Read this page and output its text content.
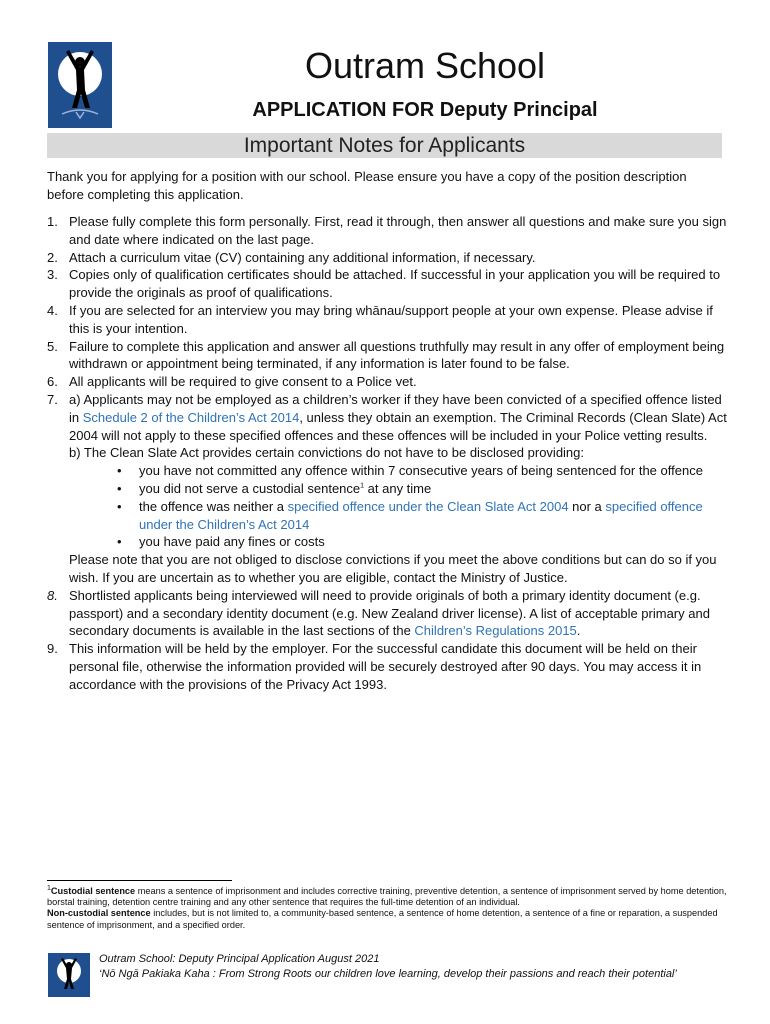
Outram School
APPLICATION FOR Deputy Principal
Important Notes for Applicants
Thank you for applying for a position with our school. Please ensure you have a copy of the position description before completing this application.
1. Please fully complete this form personally. First, read it through, then answer all questions and make sure you sign and date where indicated on the last page.
2. Attach a curriculum vitae (CV) containing any additional information, if necessary.
3. Copies only of qualification certificates should be attached. If successful in your application you will be required to provide the originals as proof of qualifications.
4. If you are selected for an interview you may bring whānau/support people at your own expense. Please advise if this is your intention.
5. Failure to complete this application and answer all questions truthfully may result in any offer of employment being withdrawn or appointment being terminated, if any information is later found to be false.
6. All applicants will be required to give consent to a Police vet.
7. a) Applicants may not be employed as a children’s worker if they have been convicted of a specified offence listed in Schedule 2 of the Children’s Act 2014, unless they obtain an exemption. The Criminal Records (Clean Slate) Act 2004 will not apply to these specified offences and these offences will be included in your Police vetting results.
b) The Clean Slate Act provides certain convictions do not have to be disclosed providing:
• you have not committed any offence within 7 consecutive years of being sentenced for the offence
• you did not serve a custodial sentence$^1$ at any time
• the offence was neither a specified offence under the Clean Slate Act 2004 nor a specified offence under the Children’s Act 2014
• you have paid any fines or costs
Please note that you are not obliged to disclose convictions if you meet the above conditions but can do so if you wish. If you are uncertain as to whether you are eligible, contact the Ministry of Justice.
8. Shortlisted applicants being interviewed will need to provide originals of both a primary identity document (e.g. passport) and a secondary identity document (e.g. New Zealand driver license). A list of acceptable primary and secondary documents is available in the last sections of the Children’s Regulations 2015.
9. This information will be held by the employer. For the successful candidate this document will be held on their personal file, otherwise the information provided will be securely destroyed after 90 days. You may access it in accordance with the provisions of the Privacy Act 1993.
$^1$Custodial sentence means a sentence of imprisonment and includes corrective training, preventive detention, a sentence of imprisonment served by home detention, borstal training, detention centre training and any other sentence that requires the full-time detention of an individual.
Non-custodial sentence includes, but is not limited to, a community-based sentence, a sentence of home detention, a sentence of a fine or reparation, a suspended sentence of imprisonment, and a specified order.
Outram School: Deputy Principal Application August 2021
‘Nō Ngā Pakiaka Kaha : From Strong Roots our children love learning, develop their passions and reach their potential’
